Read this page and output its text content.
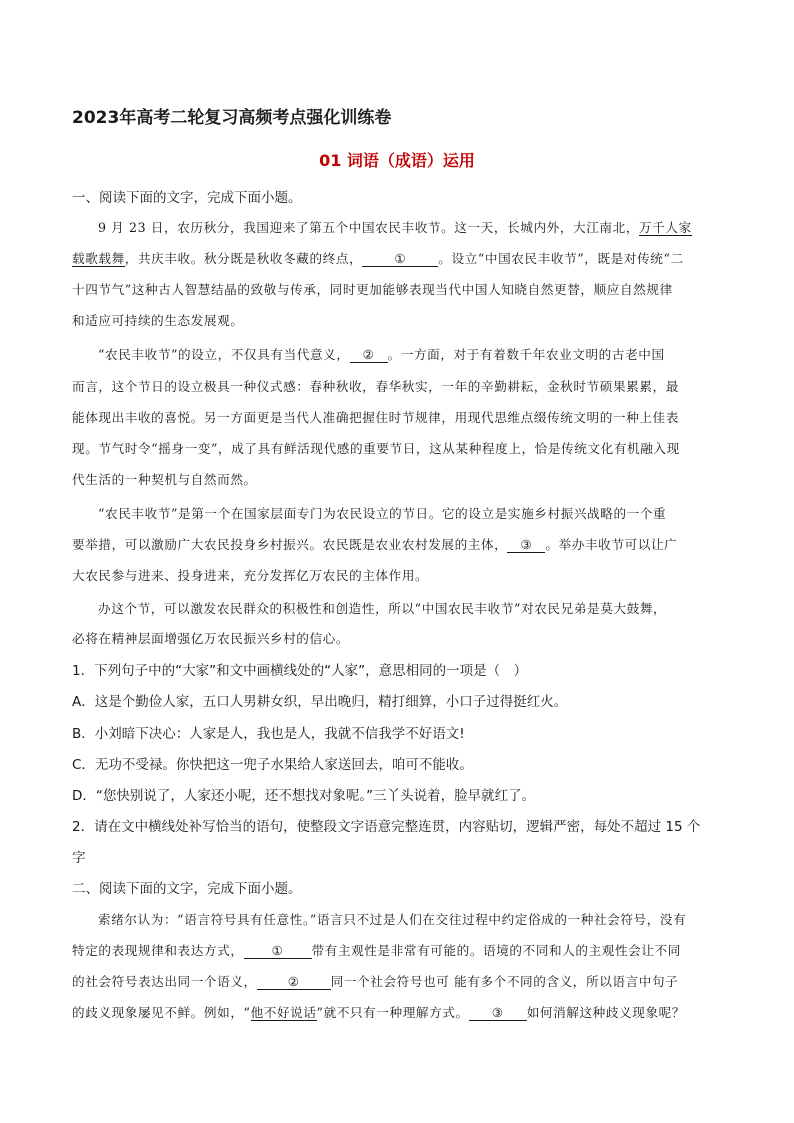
2023年高考二轮复习高频考点强化训练卷
01 词语（成语）运用
一、阅读下面的文字，完成下面小题。
9 月 23 日，农历秋分，我国迎来了第五个中国农民丰收节。这一天，长城内外，大江南北，万千人家
载歌载舞，共庆丰收。秋分既是秋收冬藏的终点，	①	。设立“中国农民丰收节”，既是对传统“二
十四节气”这种古人智慧结晶的致敬与传承，同时更加能够表现当代中国人知晓自然更替，顺应自然规律
和适应可持续的生态发展观。
“农民丰收节”的设立，不仅具有当代意义， ② 。一方面，对于有着数千年农业文明的古老中国
而言，这个节日的设立极具一种仪式感：春种秋收，春华秋实，一年的辛勤耕耘，金秋时节硕果累累，最
能体现出丰收的喜悦。另一方面更是当代人准确把握住时节规律，用现代思维点缀传统文明的一种上佳表
现。节气时令“摇身一变”，成了具有鲜活现代感的重要节日，这从某种程度上，恰是传统文化有机融入现
代生活的一种契机与自然而然。
“农民丰收节”是第一个在国家层面专门为农民设立的节日。它的设立是实施乡村振兴战略的一个重
要举措，可以激励广大农民投身乡村振兴。农民既是农业农村发展的主体， ③ 。举办丰收节可以让广
大农民参与进来、投身进来，充分发挥亿万农民的主体作用。
办这个节，可以激发农民群众的积极性和创造性，所以“中国农民丰收节”对农民兄弟是莫大鼓舞，
必将在精神层面增强亿万农民振兴乡村的信心。
1．下列句子中的“大家”和文中画横线处的“人家”，意思相同的一项是（　）
A．这是个勤俭人家，五口人男耕女织，早出晚归，精打细算，小口子过得挺红火。
B．小刘暗下决心：人家是人，我也是人，我就不信我学不好语文!
C．无功不受禄。你快把这一兜子水果给人家送回去，咱可不能收。
D．“您快别说了，人家还小呢，还不想找对象呢。”三丫头说着，脸早就红了。
2．请在文中横线处补写恰当的语句，使整段文字语意完整连贯，内容贴切，逻辑严密，每处不超过 15 个
字
二、阅读下面的文字，完成下面小题。
索绪尔认为：“语言符号具有任意性。”语言只不过是人们在交往过程中约定俗成的一种社会符号，没有
特定的表现规律和表达方式， ① 带有主观性是非常有可能的。语境的不同和人的主观性会让不同
的社会符号表达出同一个语义， ② 同一个社会符号也可 能有多个不同的含义，所以语言中句子
的歧义现象屡见不鲜。例如，“他不好说话”就不只有一种理解方式。 ③ 如何消解这种歧义现象呢？
